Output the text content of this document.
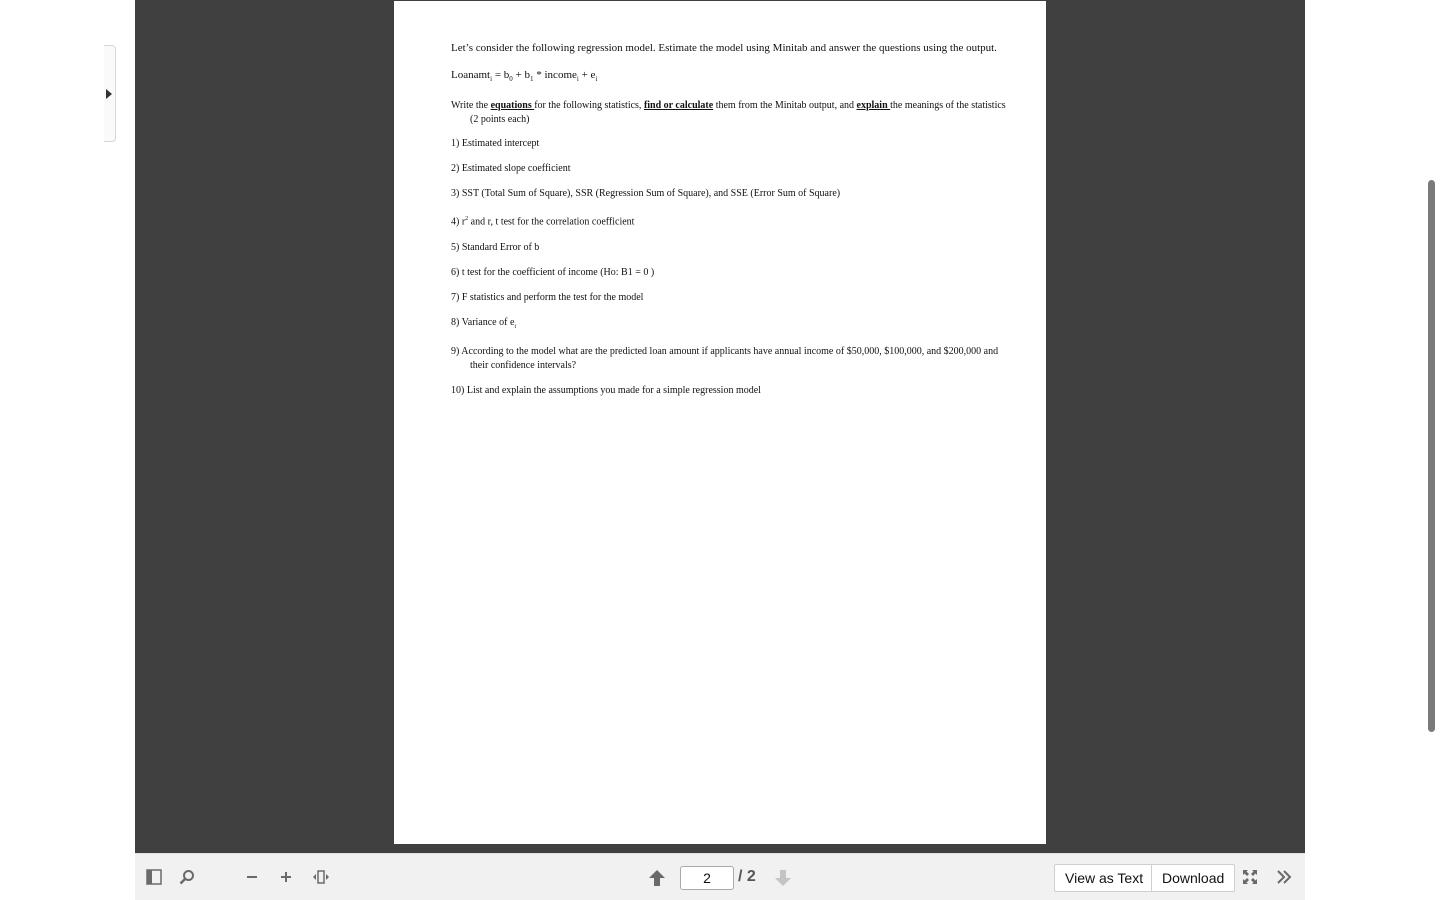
Let’s consider the following regression model. Estimate the model using Minitab and answer the questions using the output.

Loanamt$_i$ = $b_0 + b_1$ * income$_i$ + $e_i$

Write the equations for the following statistics, find or calculate them from the Minitab output, and explain the meanings of the statistics (2 points each)

1) Estimated intercept

2) Estimated slope coefficient

3) SST (Total Sum of Square), SSR (Regression Sum of Square), and SSE (Error Sum of Square)

4) $r^2$ and r, t test for the correlation coefficient

5) Standard Error of b

6) t test for the coefficient of income (Ho: B1 = 0 )

7) F statistics and perform the test for the model

8) Variance of $e_i$

9) According to the model what are the predicted loan amount if applicants have annual income of $50,000, $100,000, and $200,000 and their confidence intervals?

10) List and explain the assumptions you made for a simple regression model

2	/ 2	View as Text	Download
